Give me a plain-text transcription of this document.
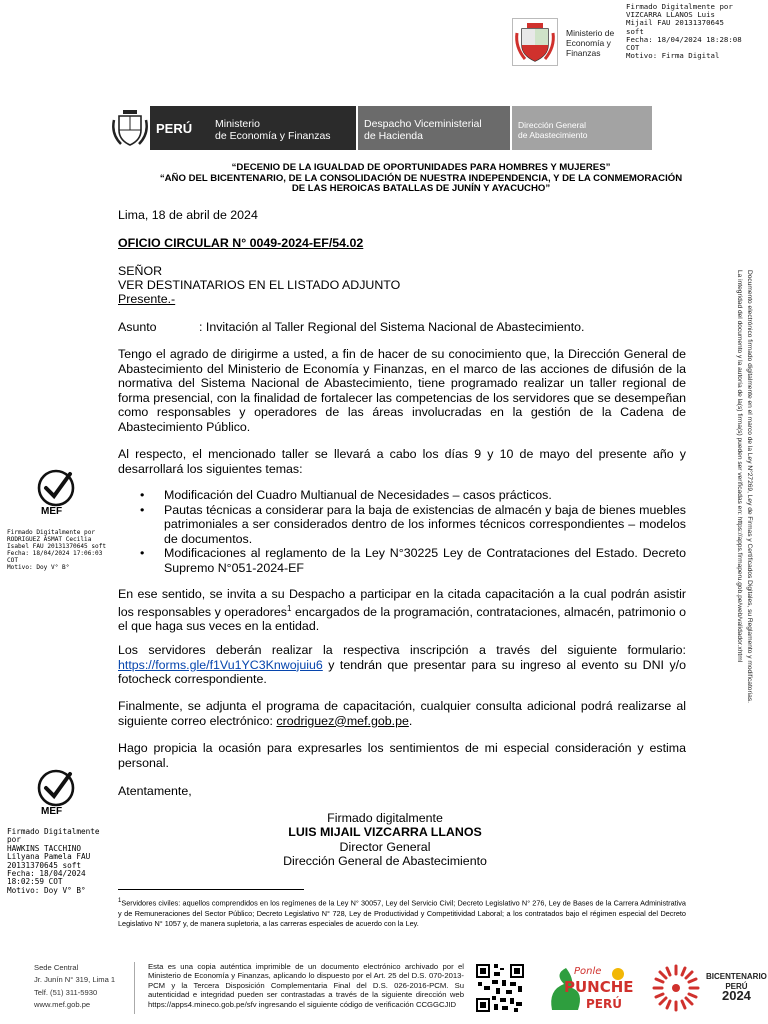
Ministerio de Economía y Finanzas
Firmado Digitalmente por
VIZCARRA LLANOS Luis
Mijail FAU 20131370645
soft
Fecha: 18/04/2024 18:28:08
COT
Motivo: Firma Digital
PERÚ	Ministerio
de Economía y Finanzas
Despacho Viceministerial
de Hacienda
Dirección General
de Abastecimiento
“DECENIO DE LA IGUALDAD DE OPORTUNIDADES PARA HOMBRES Y MUJERES”
“AÑO DEL BICENTENARIO, DE LA CONSOLIDACIÓN DE NUESTRA INDEPENDENCIA, Y DE LA CONMEMORACIÓN
DE LAS HEROICAS BATALLAS DE JUNÍN Y AYACUCHO”
Lima, 18 de abril de 2024
OFICIO CIRCULAR N° 0049-2024-EF/54.02
SEÑOR
VER DESTINATARIOS EN EL LISTADO ADJUNTO
Presente.-
Asunto	: Invitación al Taller Regional del Sistema Nacional de Abastecimiento.
Tengo el agrado de dirigirme a usted, a fin de hacer de su conocimiento que, la Dirección General de Abastecimiento del Ministerio de Economía y Finanzas, en el marco de las acciones de difusión de la normativa del Sistema Nacional de Abastecimiento, tiene programado realizar un taller regional de forma presencial, con la finalidad de fortalecer las competencias de los servidores que se desempeñan como responsables y operadores de las áreas involucradas en la gestión de la Cadena de Abastecimiento Público.
Al respecto, el mencionado taller se llevará a cabo los días 9 y 10 de mayo del presente año y desarrollará los siguientes temas:
• Modificación del Cuadro Multianual de Necesidades – casos prácticos.
• Pautas técnicas a considerar para la baja de existencias de almacén y baja de bienes muebles patrimoniales a ser considerados dentro de los informes técnicos correspondientes – modelos de documentos.
• Modificaciones al reglamento de la Ley N°30225 Ley de Contrataciones del Estado. Decreto Supremo N°051-2024-EF
En ese sentido, se invita a su Despacho a participar en la citada capacitación a la cual podrán asistir los responsables y operadores$^1$ encargados de la programación, contrataciones, almacén, patrimonio o el que haga sus veces en la entidad.
Los servidores deberán realizar la respectiva inscripción a través del siguiente formulario: https://forms.gle/f1Vu1YC3Knwojuiu6 y tendrán que presentar para su ingreso al evento su DNI y/o fotocheck correspondiente.
Finalmente, se adjunta el programa de capacitación, cualquier consulta adicional podrá realizarse al siguiente correo electrónico: crodriguez@mef.gob.pe.
Hago propicia la ocasión para expresarles los sentimientos de mi especial consideración y estima personal.
Atentamente,
Firmado digitalmente
LUIS MIJAIL VIZCARRA LLANOS
Director General
Dirección General de Abastecimiento
$^1$Servidores civiles: aquellos comprendidos en los regímenes de la Ley N° 30057, Ley del Servicio Civil; Decreto Legislativo N° 276, Ley de Bases de la Carrera Administrativa y de Remuneraciones del Sector Público; Decreto Legislativo N° 728, Ley de Productividad y Competitividad Laboral; a los contratados bajo el régimen especial del Decreto Legislativo N° 1057 y, de manera supletoria, a las carreras especiales de acuerdo con la Ley.
MEF
Firmado Digitalmente por
RODRIGUEZ ASMAT Cecilia
Isabel FAU 20131370645 soft
Fecha: 18/04/2024 17:06:03
COT
Motivo: Doy V° B°
MEF
Firmado Digitalmente por
HAWKINS TACCHINO
Lilyana Pamela FAU
20131370645 soft
Fecha: 18/04/2024
18:02:59 COT
Motivo: Doy V° B°
Documento electrónico firmado digitalmente en el marco de la Ley N°27269, Ley de Firmas y Certificados Digitales, su Reglamento y modificatorias.
La integridad del documento y la autoría de la(s) firma(s) pueden ser verificadas en: https://apps.firmaperu.gob.pe/web/validador.xhtml
Sede Central
Jr. Junín N° 319, Lima 1
Telf. (51) 311-5930
www.mef.gob.pe
Esta es una copia auténtica imprimible de un documento electrónico archivado por el Ministerio de Economía y Finanzas, aplicando lo dispuesto por el Art. 25 del D.S. 070-2013-PCM y la Tercera Disposición Complementaria Final del D.S. 026-2016-PCM. Su autenticidad e integridad pueden ser contrastadas a través de la siguiente dirección web https://apps4.mineco.gob.pe/sfv ingresando el siguiente código de verificación CCGGCJID
Ponle
PUNCHE
PERÚ
BICENTENARIO
PERÚ
2024
